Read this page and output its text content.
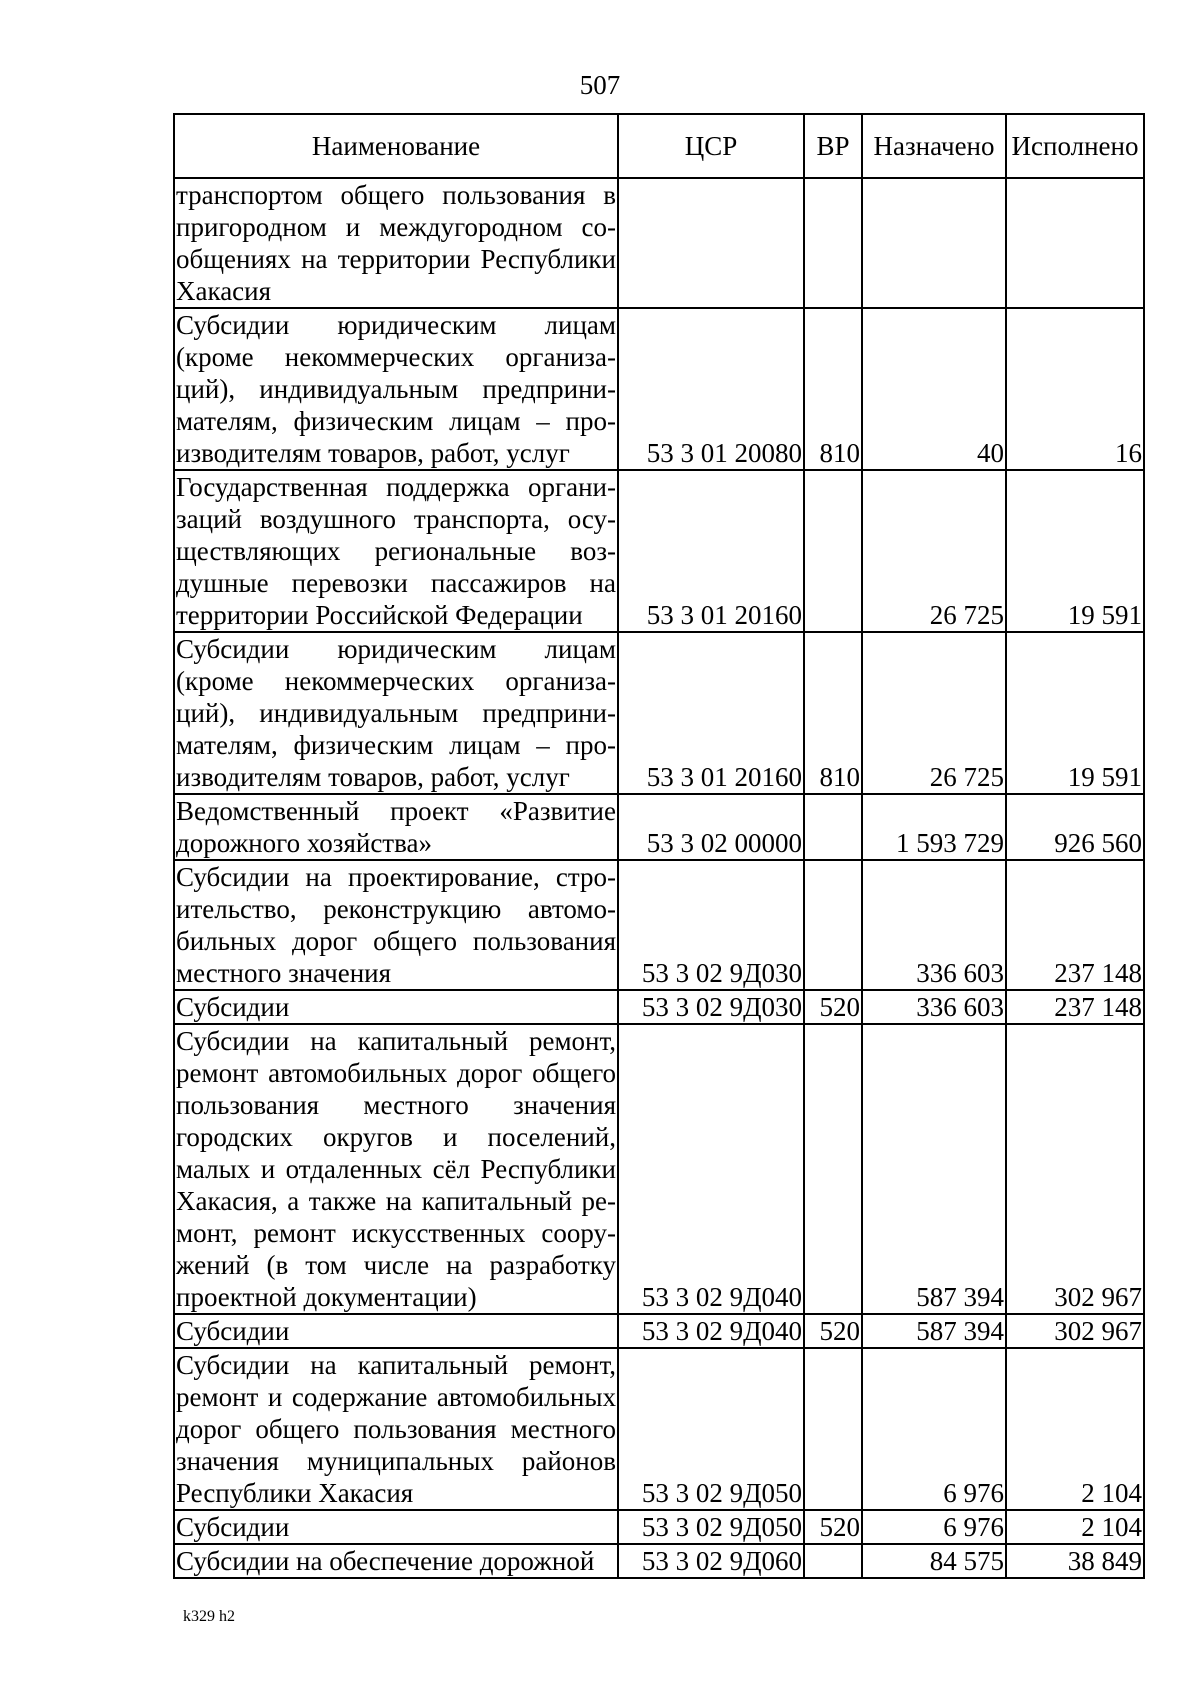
507
Наименование	ЦСР	ВР	Назначено	Исполнено
транспортом общего пользования в пригородном и междугородном сообщениях на территории Республики Хакасия				
Субсидии юридическим лицам (кроме некоммерческих организаций), индивидуальным предпринимателям, физическим лицам – производителям товаров, работ, услуг	53 3 01 20080	810	40	16
Государственная поддержка организаций воздушного транспорта, осуществляющих региональные воздушные перевозки пассажиров на территории Российской Федерации	53 3 01 20160		26 725	19 591
Субсидии юридическим лицам (кроме некоммерческих организаций), индивидуальным предпринимателям, физическим лицам – производителям товаров, работ, услуг	53 3 01 20160	810	26 725	19 591
Ведомственный проект «Развитие дорожного хозяйства»	53 3 02 00000		1 593 729	926 560
Субсидии на проектирование, строительство, реконструкцию автомобильных дорог общего пользования местного значения	53 3 02 9Д030		336 603	237 148
Субсидии	53 3 02 9Д030	520	336 603	237 148
Субсидии на капитальный ремонт, ремонт автомобильных дорог общего пользования местного значения городских округов и поселений, малых и отдаленных сёл Республики Хакасия, а также на капитальный ремонт, ремонт искусственных сооружений (в том числе на разработку проектной документации)	53 3 02 9Д040		587 394	302 967
Субсидии	53 3 02 9Д040	520	587 394	302 967
Субсидии на капитальный ремонт, ремонт и содержание автомобильных дорог общего пользования местного значения муниципальных районов Республики Хакасия	53 3 02 9Д050		6 976	2 104
Субсидии	53 3 02 9Д050	520	6 976	2 104
Субсидии на обеспечение дорожной	53 3 02 9Д060		84 575	38 849
k329 h2
